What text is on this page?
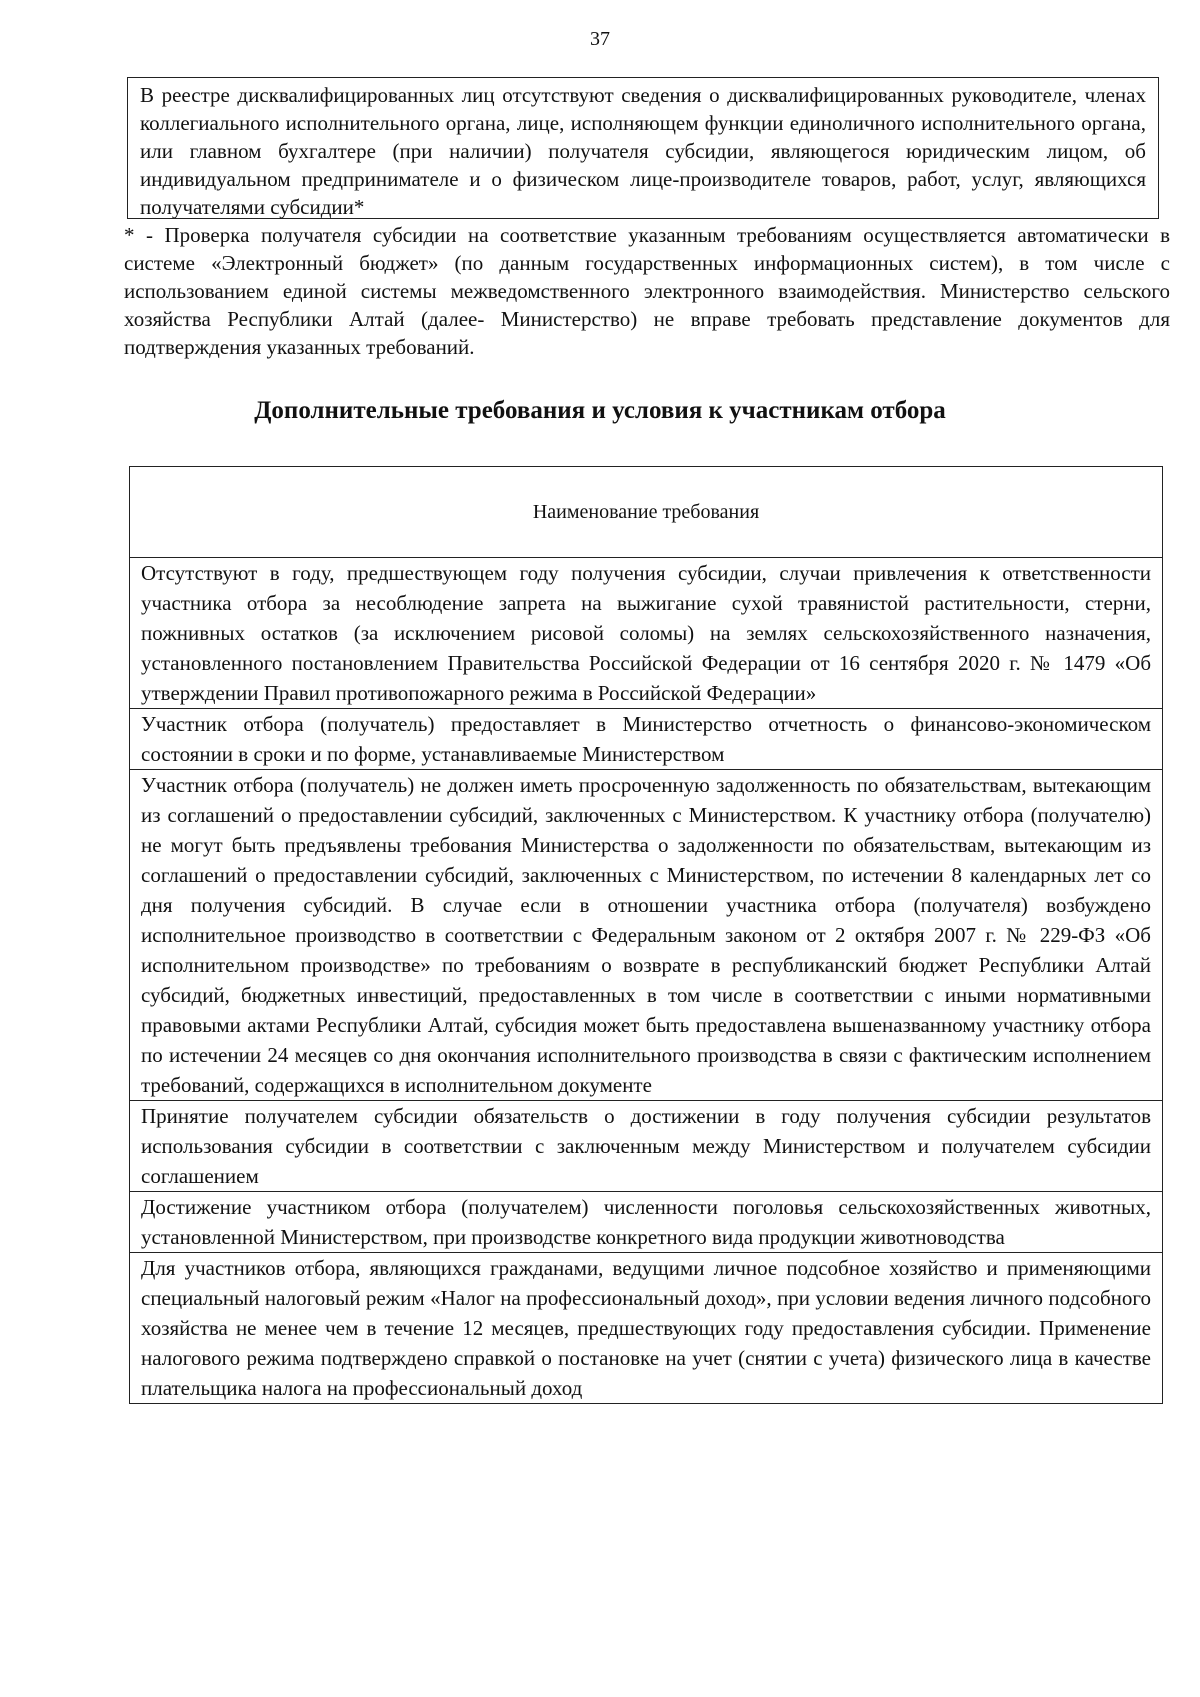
37
В реестре дисквалифицированных лиц отсутствуют сведения о дисквалифицированных руководителе, членах коллегиального исполнительного органа, лице, исполняющем функции единоличного исполнительного органа, или главном бухгалтере (при наличии) получателя субсидии, являющегося юридическим лицом, об индивидуальном предпринимателе и о физическом лице-производителе товаров, работ, услуг, являющихся получателями субсидии*

* - Проверка получателя субсидии на соответствие указанным требованиям осуществляется автоматически в системе «Электронный бюджет» (по данным государственных информационных систем), в том числе с использованием единой системы межведомственного электронного взаимодействия. Министерство сельского хозяйства Республики Алтай (далее- Министерство) не вправе требовать представление документов для подтверждения указанных требований.

Дополнительные требования и условия к участникам отбора
Наименование требования
Отсутствуют в году, предшествующем году получения субсидии, случаи привлечения к ответственности участника отбора за несоблюдение запрета на выжигание сухой травянистой растительности, стерни, пожнивных остатков (за исключением рисовой соломы) на землях сельскохозяйственного назначения, установленного постановлением Правительства Российской Федерации от 16 сентября 2020 г. № 1479 «Об утверждении Правил противопожарного режима в Российской Федерации»
Участник отбора (получатель) предоставляет в Министерство отчетность о финансово-экономическом состоянии в сроки и по форме, устанавливаемые Министерством
Участник отбора (получатель) не должен иметь просроченную задолженность по обязательствам, вытекающим из соглашений о предоставлении субсидий, заключенных с Министерством. К участнику отбора (получателю) не могут быть предъявлены требования Министерства о задолженности по обязательствам, вытекающим из соглашений о предоставлении субсидий, заключенных с Министерством, по истечении 8 календарных лет со дня получения субсидий. В случае если в отношении участника отбора (получателя) возбуждено исполнительное производство в соответствии с Федеральным законом от 2 октября 2007 г. № 229-ФЗ «Об исполнительном производстве» по требованиям о возврате в республиканский бюджет Республики Алтай субсидий, бюджетных инвестиций, предоставленных в том числе в соответствии с иными нормативными правовыми актами Республики Алтай, субсидия может быть предоставлена вышеназванному участнику отбора по истечении 24 месяцев со дня окончания исполнительного производства в связи с фактическим исполнением требований, содержащихся в исполнительном документе
Принятие получателем субсидии обязательств о достижении в году получения субсидии результатов использования субсидии в соответствии с заключенным между Министерством и получателем субсидии соглашением
Достижение участником отбора (получателем) численности поголовья сельскохозяйственных животных, установленной Министерством, при производстве конкретного вида продукции животноводства
Для участников отбора, являющихся гражданами, ведущими личное подсобное хозяйство и применяющими специальный налоговый режим «Налог на профессиональный доход», при условии ведения личного подсобного хозяйства не менее чем в течение 12 месяцев, предшествующих году предоставления субсидии. Применение налогового режима подтверждено справкой о постановке на учет (снятии с учета) физического лица в качестве плательщика налога на профессиональный доход
